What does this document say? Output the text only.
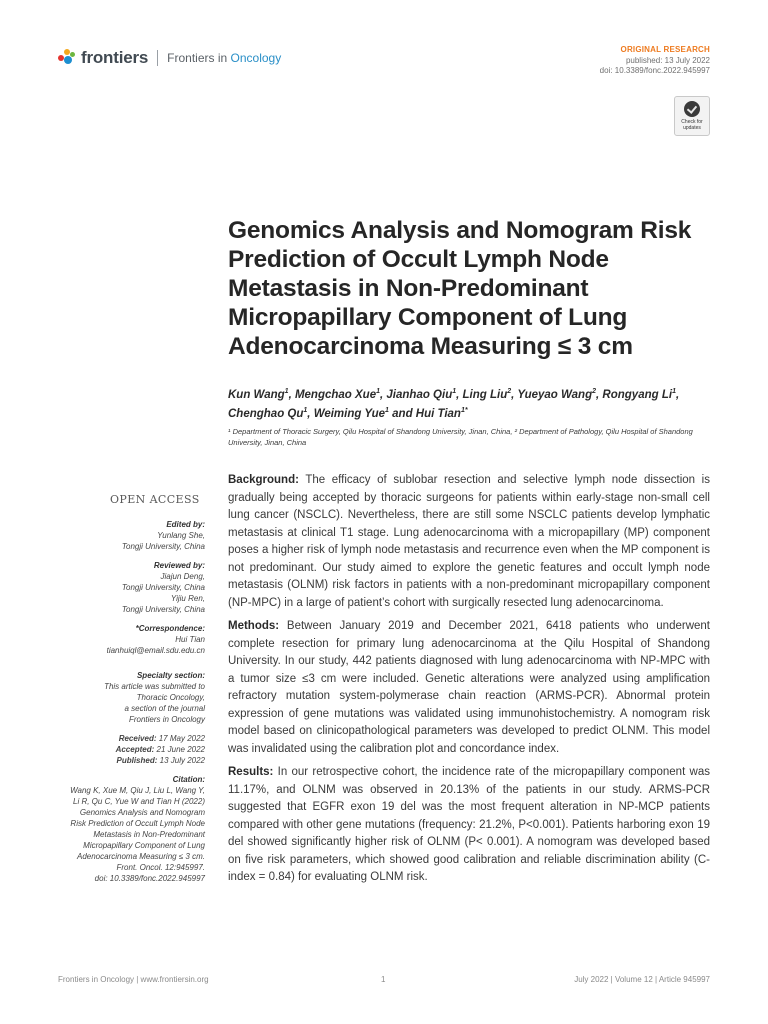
frontiers Frontiers in Oncology
ORIGINAL RESEARCH
published: 13 July 2022
doi: 10.3389/fonc.2022.945997
Check for updates
Genomics Analysis and Nomogram Risk Prediction of Occult Lymph Node Metastasis in Non-Predominant Micropapillary Component of Lung Adenocarcinoma Measuring ≤ 3 cm
Kun Wang$^1$, Mengchao Xue$^1$, Jianhao Qiu$^1$, Ling Liu$^2$, Yueyao Wang$^2$, Rongyang Li$^1$, Chenghao Qu$^1$, Weiming Yue$^1$ and Hui Tian$^{1*}$
¹ Department of Thoracic Surgery, Qilu Hospital of Shandong University, Jinan, China, ² Department of Pathology, Qilu Hospital of Shandong University, Jinan, China
OPEN ACCESS
Edited by:
Yunlang She,
Tongji University, China
Reviewed by:
Jiajun Deng,
Tongji University, China
Yijiu Ren,
Tongji University, China
*Correspondence:
Hui Tian
tianhuiql@email.sdu.edu.cn
Specialty section:
This article was submitted to
Thoracic Oncology,
a section of the journal
Frontiers in Oncology
Received: 17 May 2022
Accepted: 21 June 2022
Published: 13 July 2022
Citation:
Wang K, Xue M, Qiu J, Liu L, Wang Y,
Li R, Qu C, Yue W and Tian H (2022)
Genomics Analysis and Nomogram
Risk Prediction of Occult Lymph Node
Metastasis in Non-Predominant
Micropapillary Component of Lung
Adenocarcinoma Measuring ≤ 3 cm.
Front. Oncol. 12:945997.
doi: 10.3389/fonc.2022.945997

Background: The efficacy of sublobar resection and selective lymph node dissection is gradually being accepted by thoracic surgeons for patients within early-stage non-small cell lung cancer (NSCLC). Nevertheless, there are still some NSCLC patients develop lymphatic metastasis at clinical T1 stage. Lung adenocarcinoma with a micropapillary (MP) component poses a higher risk of lymph node metastasis and recurrence even when the MP component is not predominant. Our study aimed to explore the genetic features and occult lymph node metastasis (OLNM) risk factors in patients with a non-predominant micropapillary component (NP-MPC) in a large of patient’s cohort with surgically resected lung adenocarcinoma.

Methods: Between January 2019 and December 2021, 6418 patients who underwent complete resection for primary lung adenocarcinoma at the Qilu Hospital of Shandong University. In our study, 442 patients diagnosed with lung adenocarcinoma with NP-MPC with a tumor size ≤3 cm were included. Genetic alterations were analyzed using amplification refractory mutation system-polymerase chain reaction (ARMS-PCR). Abnormal protein expression of gene mutations was validated using immunohistochemistry. A nomogram risk model based on clinicopathological parameters was developed to predict OLNM. This model was invalidated using the calibration plot and concordance index.

Results: In our retrospective cohort, the incidence rate of the micropapillary component was 11.17%, and OLNM was observed in 20.13% of the patients in our study. ARMS-PCR suggested that EGFR exon 19 del was the most frequent alteration in NP-MCP patients compared with other gene mutations (frequency: 21.2%, P<0.001). Patients harboring exon 19 del showed significantly higher risk of OLNM (P< 0.001). A nomogram was developed based on five risk parameters, which showed good calibration and reliable discrimination ability (C-index = 0.84) for evaluating OLNM risk.

Frontiers in Oncology | www.frontiersin.org	1	July 2022 | Volume 12 | Article 945997
